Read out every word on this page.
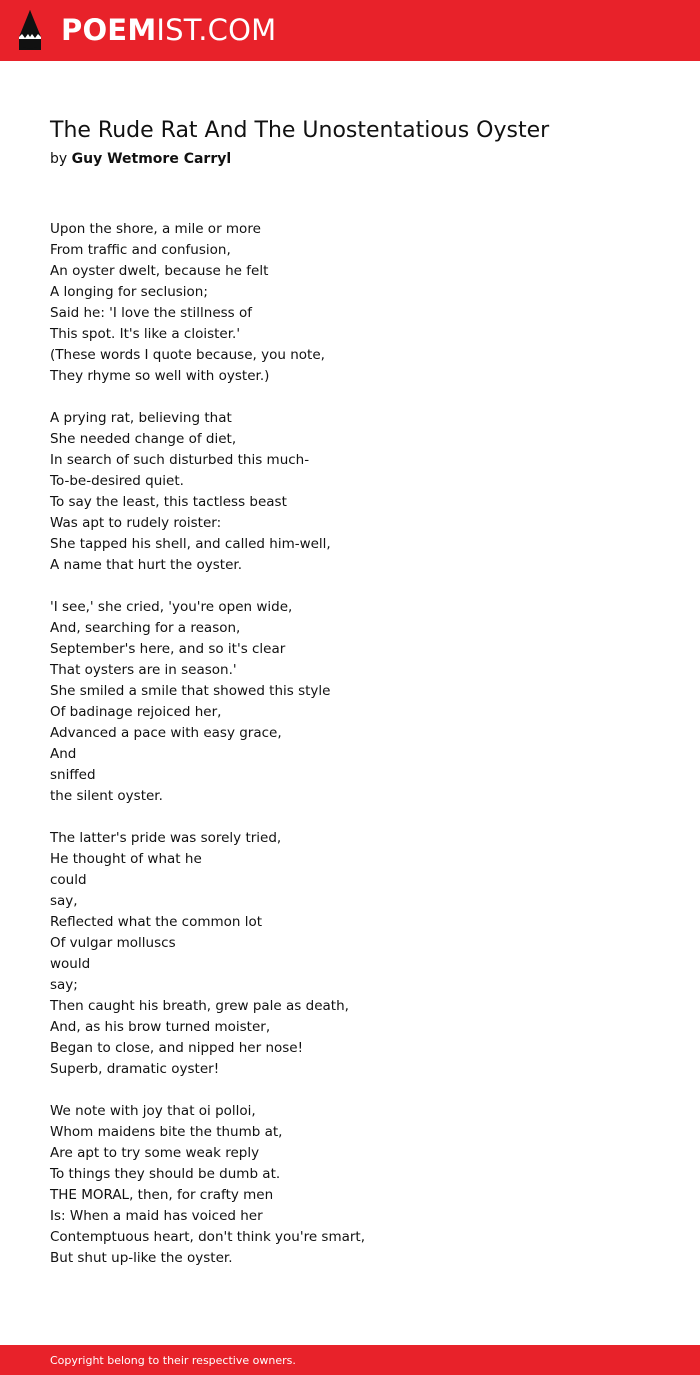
POEMIST.COM
The Rude Rat And The Unostentatious Oyster
by Guy Wetmore Carryl
Upon the shore, a mile or more
From traffic and confusion,
An oyster dwelt, because he felt
A longing for seclusion;
Said he: 'I love the stillness of
This spot. It's like a cloister.'
(These words I quote because, you note,
They rhyme so well with oyster.)
A prying rat, believing that
She needed change of diet,
In search of such disturbed this much-
To-be-desired quiet.
To say the least, this tactless beast
Was apt to rudely roister:
She tapped his shell, and called him-well,
A name that hurt the oyster.
'I see,' she cried, 'you're open wide,
And, searching for a reason,
September's here, and so it's clear
That oysters are in season.'
She smiled a smile that showed this style
Of badinage rejoiced her,
Advanced a pace with easy grace,
And
sniffed
the silent oyster.
The latter's pride was sorely tried,
He thought of what he
could
say,
Reflected what the common lot
Of vulgar molluscs
would
say;
Then caught his breath, grew pale as death,
And, as his brow turned moister,
Began to close, and nipped her nose!
Superb, dramatic oyster!
We note with joy that oi polloi,
Whom maidens bite the thumb at,
Are apt to try some weak reply
To things they should be dumb at.
THE MORAL, then, for crafty men
Is: When a maid has voiced her
Contemptuous heart, don't think you're smart,
But shut up-like the oyster.
Copyright belong to their respective owners.
